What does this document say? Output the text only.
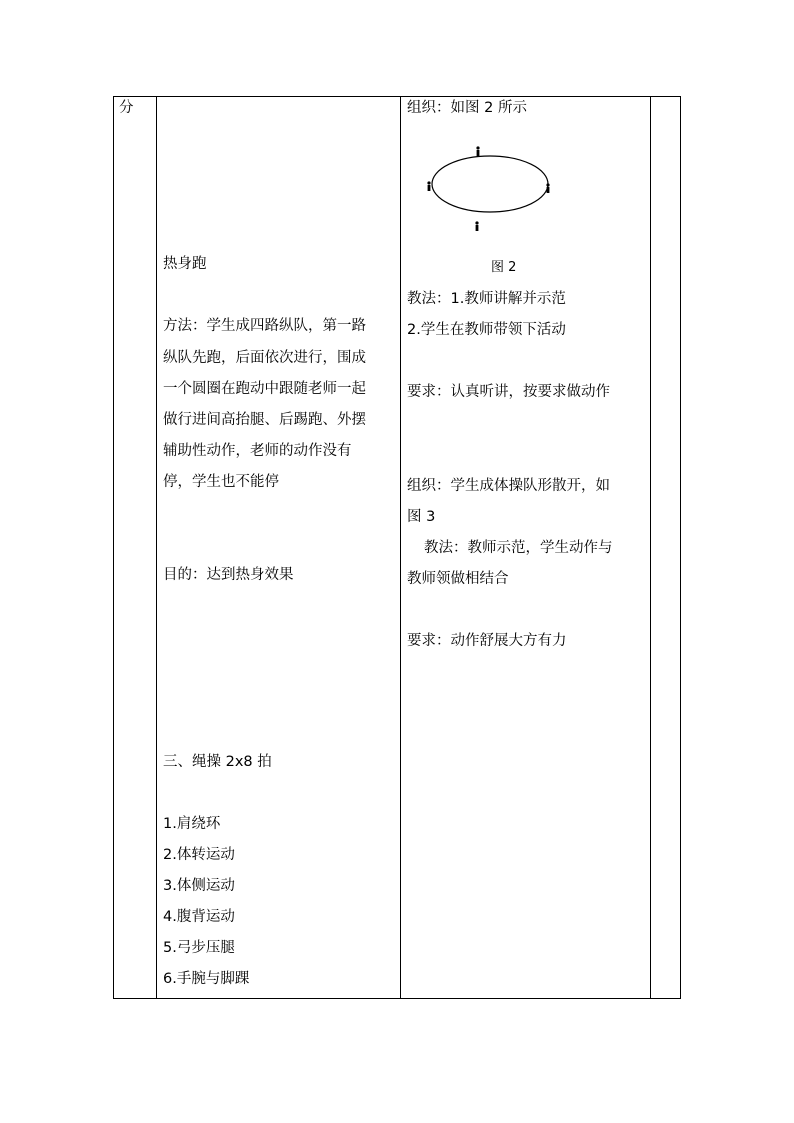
分
热身跑
方法：学生成四路纵队，第一路
纵队先跑，后面依次进行，围成
一个圆圈在跑动中跟随老师一起
做行进间高抬腿、后踢跑、外摆
辅助性动作，老师的动作没有
停，学生也不能停
目的：达到热身效果
三、绳操 2x8 拍
1.肩绕环
2.体转运动
3.体侧运动
4.腹背运动
5.弓步压腿
6.手腕与脚踝
组织：如图 2 所示
图 2
教法：1.教师讲解并示范
2.学生在教师带领下活动
要求：认真听讲，按要求做动作
组织：学生成体操队形散开，如
图 3
教法：教师示范，学生动作与
教师领做相结合
要求：动作舒展大方有力
